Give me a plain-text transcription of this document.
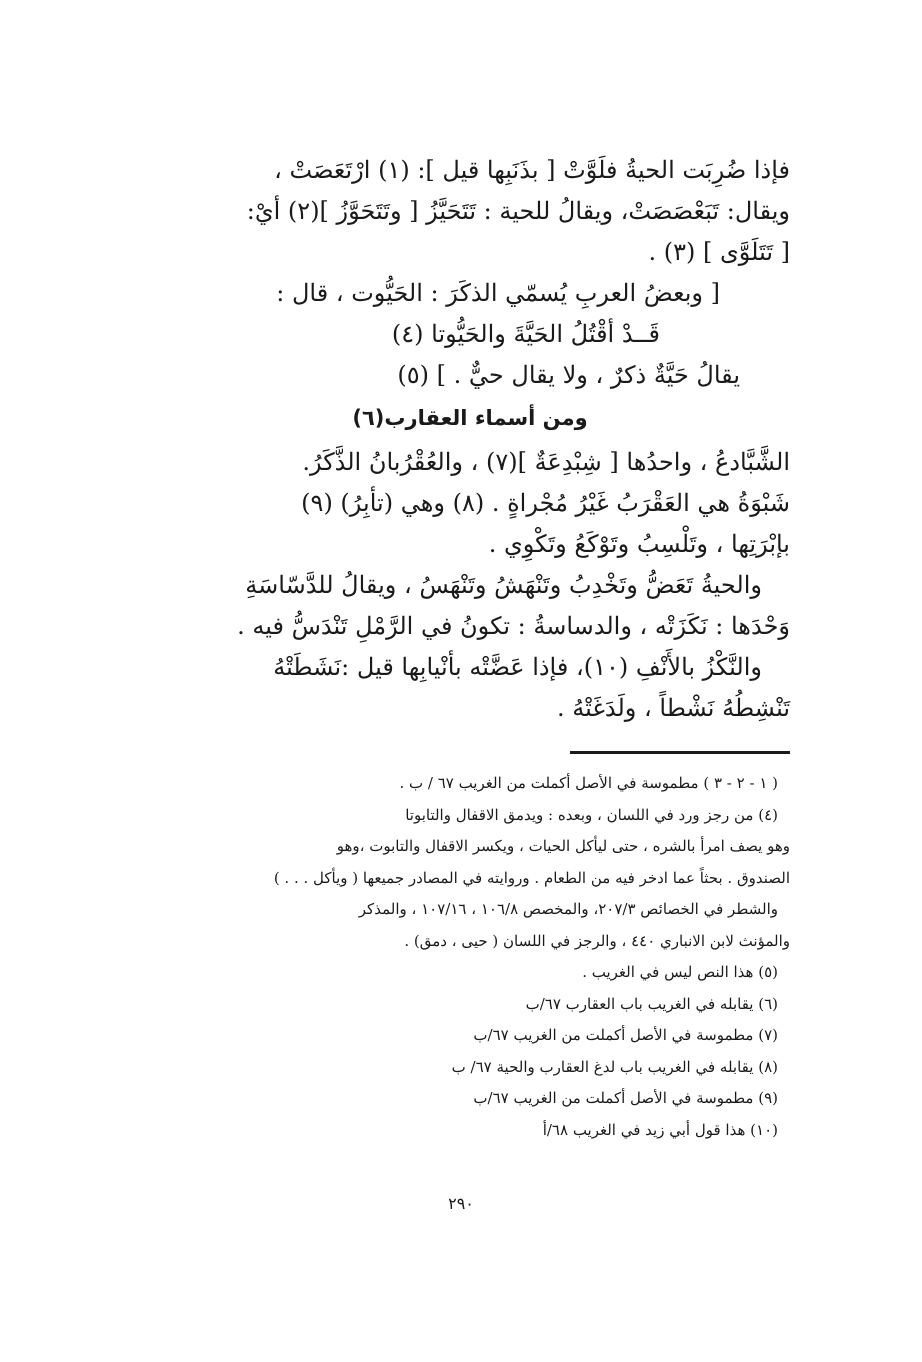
فإذا ضُرِبَت الحيةُ فلَوَّتْ [ بذَنَبِها قيل ]: (١) ارْتَعَصَتْ ،

ويقال: تَبَعْصَصَتْ، ويقالُ للحية : تَتَحَيَّزُ [ وتَتَحَوَّزُ ](٢) أيْ:

[ تَتَلَوَّى ] (٣) .

[ وبعضُ العربِ يُسمّي الذكَرَ : الحَيُّوت ، قال :

قَــدْ أقْتُلُ الحَيَّةَ والحَيُّوتا (٤)

يقالُ حَيَّةٌ ذكرٌ ، ولا يقال حيٌّ . ] (٥)

ومن أسماء العقارب(٦)

الشَّبَّادعُ ، واحدُها [ شِبْدِعَةٌ ](٧) ، والعُقْرُبانُ الذَّكَرُ.

شَبْوَةُ هي العَقْرَبُ غَيْرُ مُجْراةٍ . (٨) وهي (تأبِرُ) (٩)

بإبْرَتِها ، وتَلْسِبُ وتَوْكَعُ وتَكْوِي .

والحيةُ تَعَضُّ وتَخْدِبُ وتَنْهَشُ وتَنْهَسُ ، ويقالُ للدَّسّاسَةِ

وَحْدَها : نَكَزَتْه ، والدساسةُ : تكونُ في الرَّمْلِ تَنْدَسُّ فيه .

والنَّكْزُ بالأَنْفِ (١٠)، فإذا عَضَّتْه بأنْيابِها قيل :نَشَطَتْهُ

تَنْشِطُهُ نَشْطاً ، ولَدَغَتْهُ .

( ١ - ٢ - ٣ ) مطموسة في الأصل أكملت من الغريب ٦٧ / ب .

(٤) من رجز ورد في اللسان ، وبعده : ويدمق الاقفال والتابوتا

وهو يصف امرأ بالشره ، حتى ليأكل الحيات ، ويكسر الاقفال والتابوت ،وهو

الصندوق . بحثاً عما ادخر فيه من الطعام . وروايته في المصادر جميعها ( ويأكل . . . )

والشطر في الخصائص ٢٠٧/٣، والمخصص ١٠٦/٨ ، ١٠٧/١٦ ، والمذكر

والمؤنث لابن الانباري ٤٤٠ ، والرجز في اللسان ( حيى ، دمق) .

(٥) هذا النص ليس في الغريب .

(٦) يقابله في الغريب باب العقارب ٦٧/ب

(٧) مطموسة في الأصل أكملت من الغريب ٦٧/ب

(٨) يقابله في الغريب باب لدغ العقارب والحية ٦٧/ ب

(٩) مطموسة في الأصل أكملت من الغريب ٦٧/ب

(١٠) هذا قول أبي زيد في الغريب ٦٨/أ

٢٩٠
